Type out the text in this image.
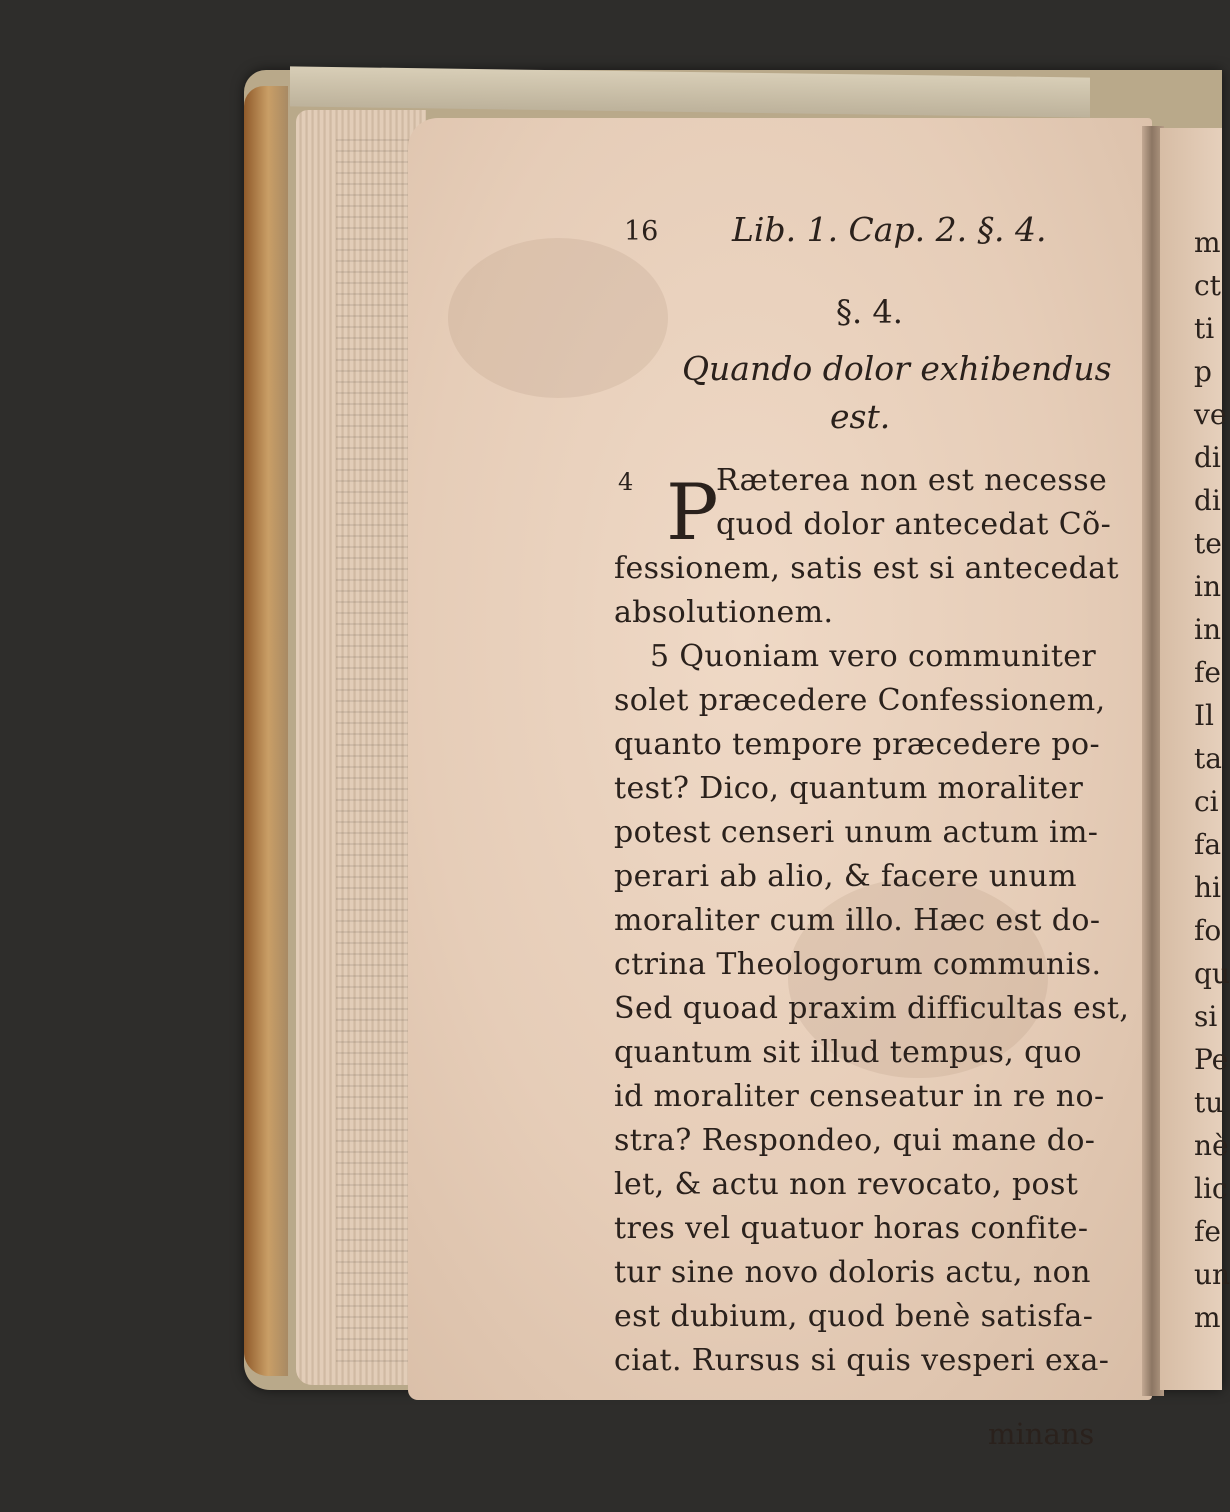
m
ct
ti
p
ve
di
di
te
in
in
fe
Il
ta
ci
fa
hi
fo
qu
si
Pe
tu
nè
lic
fe
un
m
16 Lib. 1. Cap. 2. §. 4.
§. 4.
Quando dolor exhibendus
est.
4 P
Ræterea non est necesse
quod dolor antecedat Cõ-
fessionem, satis est si antecedat
absolutionem.
5 Quoniam vero communiter
solet præcedere Confessionem,
quanto tempore præcedere po-
test? Dico, quantum moraliter
potest censeri unum actum im-
perari ab alio, & facere unum
moraliter cum illo. Hæc est do-
ctrina Theologorum communis.
Sed quoad praxim difficultas est,
quantum sit illud tempus, quo
id moraliter censeatur in re no-
stra? Respondeo, qui mane do-
let, & actu non revocato, post
tres vel quatuor horas confite-
tur sine novo doloris actu, non
est dubium, quod benè satisfa-
ciat. Rursus si quis vesperi exa-
minans
